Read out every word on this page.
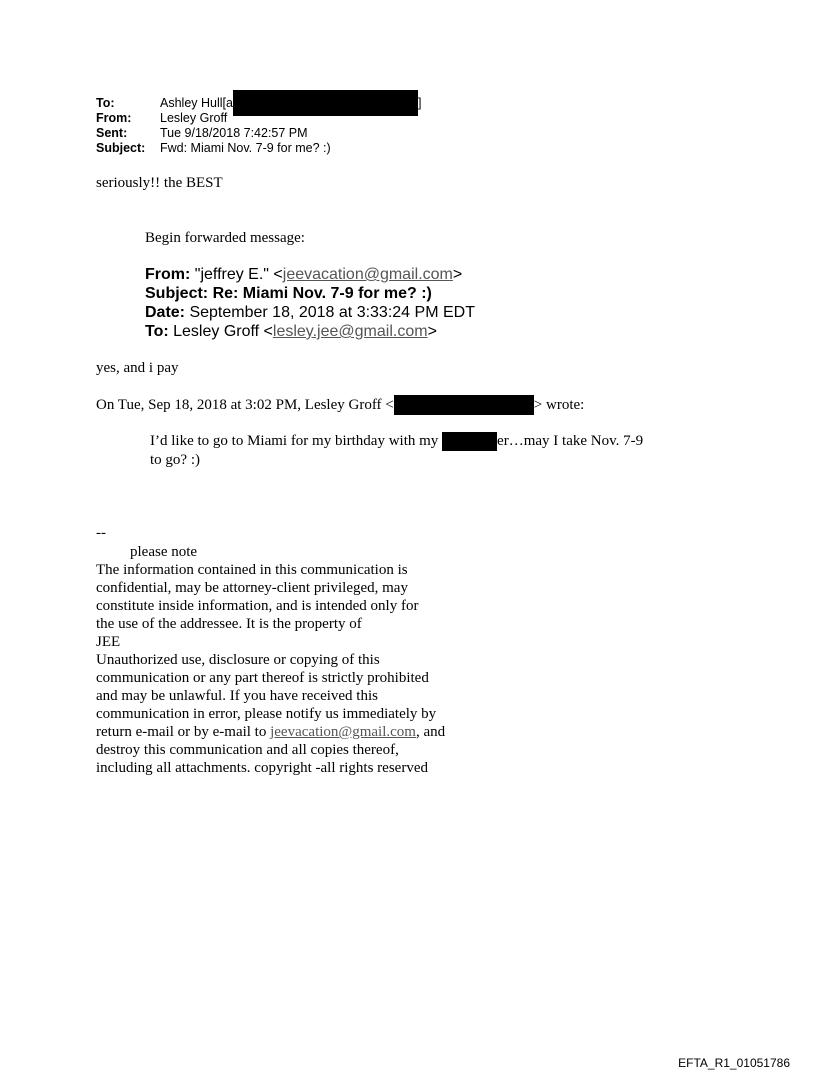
To:	Ashley Hull[a	]
From: Lesley Groff
Sent:	Tue 9/18/2018 7:42:57 PM
Subject: Fwd: Miami Nov. 7-9 for me? :)
seriously!! the BEST
Begin forwarded message:
From: "jeffrey E." <jeevacation@gmail.com>
Subject: Re: Miami Nov. 7-9 for me? :)
Date: September 18, 2018 at 3:33:24 PM EDT
To: Lesley Groff <lesley.jee@gmail.com>
yes, and i pay
On Tue, Sep 18, 2018 at 3:02 PM, Lesley Groff <	> wrote:
I’d like to go to Miami for my birthday with my	er…may I take Nov. 7-9
to go? :)
--
please note
The information contained in this communication is
confidential, may be attorney-client privileged, may
constitute inside information, and is intended only for
the use of the addressee. It is the property of
JEE
Unauthorized use, disclosure or copying of this
communication or any part thereof is strictly prohibited
and may be unlawful. If you have received this
communication in error, please notify us immediately by
return e-mail or by e-mail to jeevacation@gmail.com, and
destroy this communication and all copies thereof,
including all attachments. copyright -all rights reserved
EFTA_R1_01051786
